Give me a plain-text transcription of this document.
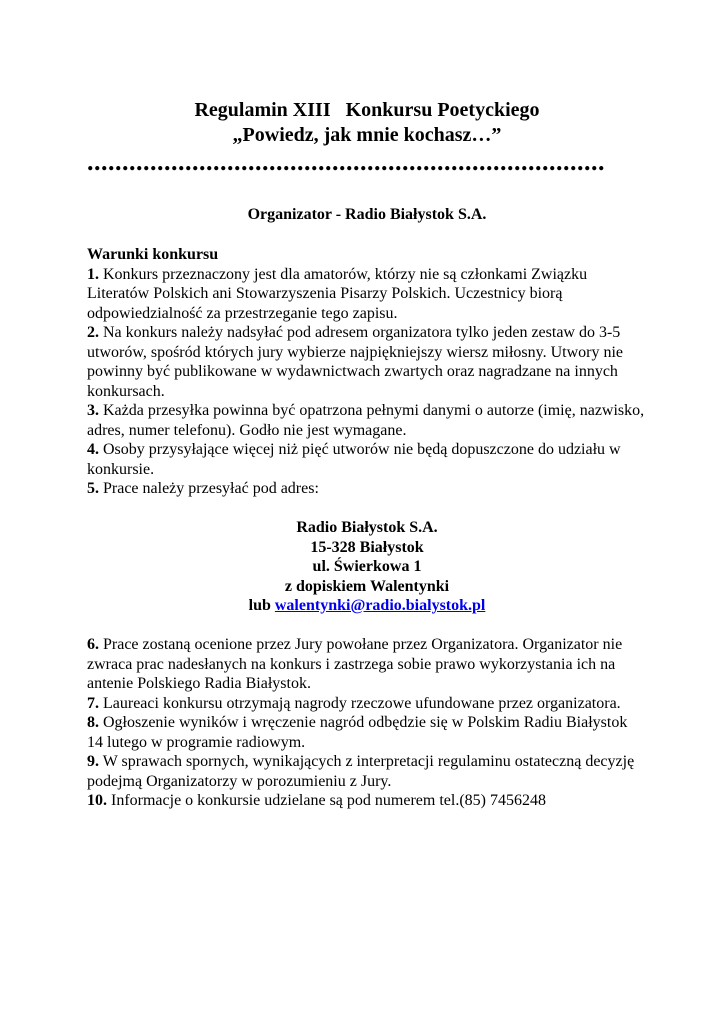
Regulamin XIII Konkursu Poetyckiego
„Powiedz, jak mnie kochasz…”
..........................................................................
Organizator - Radio Białystok S.A.
Warunki konkursu
1. Konkurs przeznaczony jest dla amatorów, którzy nie są członkami Związku Literatów Polskich ani Stowarzyszenia Pisarzy Polskich. Uczestnicy biorą odpowiedzialność za przestrzeganie tego zapisu.
2. Na konkurs należy nadsyłać pod adresem organizatora tylko jeden zestaw do 3-5 utworów, spośród których jury wybierze najpiękniejszy wiersz miłosny. Utwory nie powinny być publikowane w wydawnictwach zwartych oraz nagradzane na innych konkursach.
3. Każda przesyłka powinna być opatrzona pełnymi danymi o autorze (imię, nazwisko, adres, numer telefonu). Godło nie jest wymagane.
4. Osoby przysyłające więcej niż pięć utworów nie będą dopuszczone do udziału w konkursie.
5. Prace należy przesyłać pod adres:
Radio Białystok S.A.
15-328 Białystok
ul. Świerkowa 1
z dopiskiem Walentynki
lub walentynki@radio.bialystok.pl
6. Prace zostaną ocenione przez Jury powołane przez Organizatora. Organizator nie zwraca prac nadesłanych na konkurs i zastrzega sobie prawo wykorzystania ich na antenie Polskiego Radia Białystok.
7. Laureaci konkursu otrzymają nagrody rzeczowe ufundowane przez organizatora.
8. Ogłoszenie wyników i wręczenie nagród odbędzie się w Polskim Radiu Białystok 14 lutego w programie radiowym.
9. W sprawach spornych, wynikających z interpretacji regulaminu ostateczną decyzję podejmą Organizatorzy w porozumieniu z Jury.
10. Informacje o konkursie udzielane są pod numerem tel.(85) 7456248
